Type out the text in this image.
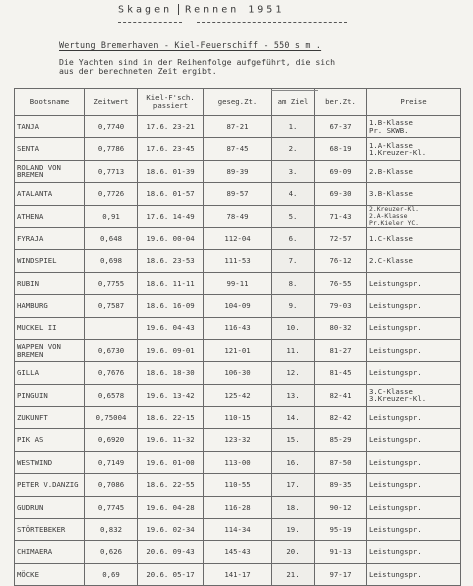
Skagen Rennen 1951
Wertung Bremerhaven - Kiel-Feuerschiff - 550 s m .
Die Yachten sind in der Reihenfolge aufgeführt, die sich
aus der berechneten Zeit ergibt.
Bootsname	Zeitwert	Kiel-F'sch. passiert	geseg.Zt.	am Ziel	ber.Zt.	Preise
TANJA	0,7740	17.6. 23-21	87-21	1.	67-37	1.B-Klasse
Pr. SKWB.

SENTA	0,7786	17.6. 23-45	87-45	2.	68-19	1.A-Klasse
1.Kreuzer-Kl.

ROLAND VON BREMEN	0,7713	18.6. 01-39	89-39	3.	69-09	2.B-Klasse

ATALANTA	0,7726	18.6. 01-57	89-57	4.	69-30	3.B-Klasse

ATHENA	0,91	17.6. 14-49	78-49	5.	71-43	2.Kreuzer-Kl.
2.A-Klasse
Pr.Kieler YC.

FYRAJA	0,648	19.6. 00-04	112-04	6.	72-57	1.C-Klasse

WINDSPIEL	0,698	18.6. 23-53	111-53	7.	76-12	2.C-Klasse

RUBIN	0,7755	18.6. 11-11	99-11	8.	76-55	Leistungspr.

HAMBURG	0,7587	18.6. 16-09	104-09	9.	79-03	Leistungspr.

MUCKEL II		19.6. 04-43	116-43	10.	80-32	Leistungspr.

WAPPEN VON BREMEN	0,6730	19.6. 09-01	121-01	11.	81-27	Leistungspr.

GILLA	0,7676	18.6. 18-30	106-30	12.	81-45	Leistungspr.

PINGUIN	0,6578	19.6. 13-42	125-42	13.	82-41	3.C-Klasse
3.Kreuzer-Kl.

ZUKUNFT	0,75004	18.6. 22-15	110-15	14.	82-42	Leistungspr.

PIK AS	0,6920	19.6. 11-32	123-32	15.	85-29	Leistungspr.

WESTWIND	0,7149	19.6. 01-00	113-00	16.	87-50	Leistungspr.

PETER V.DANZIG	0,7086	18.6. 22-55	110-55	17.	89-35	Leistungspr.

GUDRUN	0,7745	19.6. 04-28	116-28	18.	90-12	Leistungspr.

STÖRTEBEKER	0,832	19.6. 02-34	114-34	19.	95-19	Leistungspr.

CHIMAERA	0,626	20.6. 09-43	145-43	20.	91-13	Leistungspr.

MÖCKE	0,69	20.6. 05-17	141-17	21.	97-17	Leistungspr.
